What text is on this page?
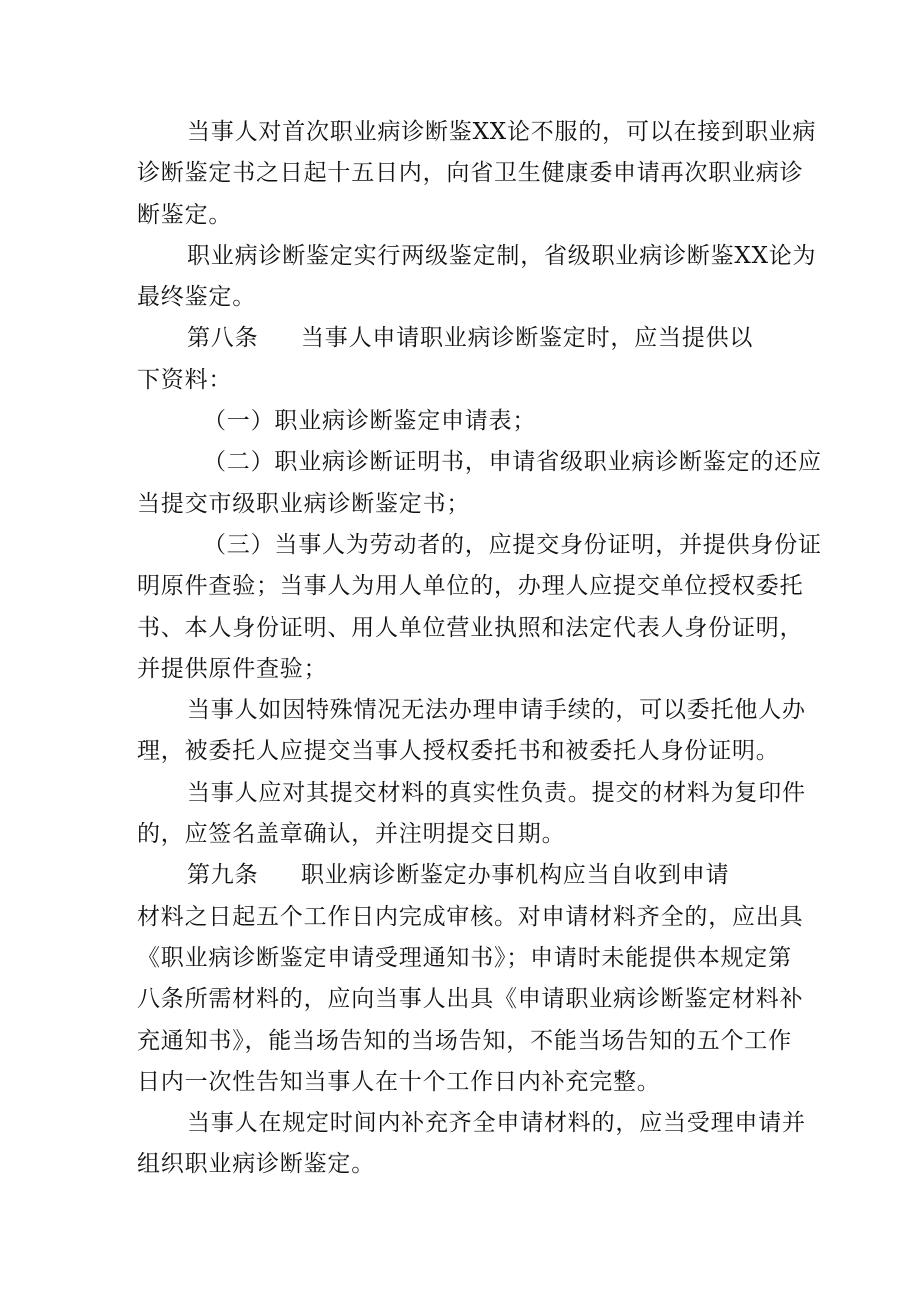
当事人对首次职业病诊断鉴XX论不服的，可以在接到职业病
诊断鉴定书之日起十五日内，向省卫生健康委申请再次职业病诊
断鉴定。
职业病诊断鉴定实行两级鉴定制，省级职业病诊断鉴XX论为
最终鉴定。
第八条 当事人申请职业病诊断鉴定时，应当提供以
下资料：
（一）职业病诊断鉴定申请表；
（二）职业病诊断证明书，申请省级职业病诊断鉴定的还应
当提交市级职业病诊断鉴定书；
（三）当事人为劳动者的，应提交身份证明，并提供身份证
明原件查验；当事人为用人单位的，办理人应提交单位授权委托
书、本人身份证明、用人单位营业执照和法定代表人身份证明，
并提供原件查验；
当事人如因特殊情况无法办理申请手续的，可以委托他人办
理，被委托人应提交当事人授权委托书和被委托人身份证明。
当事人应对其提交材料的真实性负责。提交的材料为复印件
的，应签名盖章确认，并注明提交日期。
第九条 职业病诊断鉴定办事机构应当自收到申请
材料之日起五个工作日内完成审核。对申请材料齐全的，应出具
《职业病诊断鉴定申请受理通知书》；申请时未能提供本规定第
八条所需材料的，应向当事人出具《申请职业病诊断鉴定材料补
充通知书》，能当场告知的当场告知，不能当场告知的五个工作
日内一次性告知当事人在十个工作日内补充完整。
当事人在规定时间内补充齐全申请材料的，应当受理申请并
组织职业病诊断鉴定。
